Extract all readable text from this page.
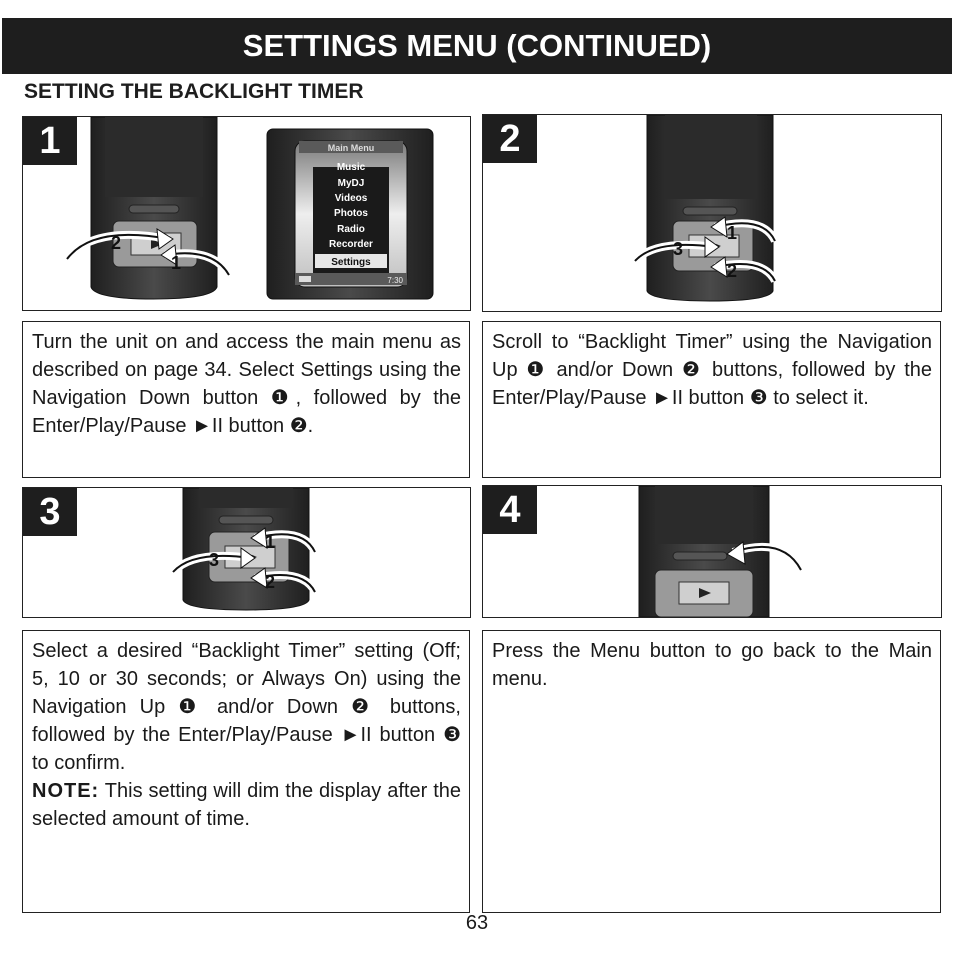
SETTINGS MENU (CONTINUED)
SETTING THE BACKLIGHT TIMER
2
1
Main Menu
Music
MyDJ
Videos
Photos
Radio
Recorder
Settings
7:30
1

Turn the unit on and access the main menu as described on page 34. Select Settings using the Navigation Down button ❶, followed by the Enter/Play/Pause ►II button ❷.

1
3
2
2

Scroll to “Backlight Timer” using the Navigation Up ❶ and/or Down ❷ buttons, followed by the Enter/Play/Pause ►II button ❸ to select it.

1
3
2
3

Select a desired “Backlight Timer” setting (Off; 5, 10 or 30 seconds; or Always On) using the Navigation Up ❶ and/or Down ❷ buttons, followed by the Enter/Play/Pause ►II button ❸ to confirm.

NOTE: This setting will dim the display after the selected amount of time.

4

Press the Menu button to go back to the Main menu.

63
